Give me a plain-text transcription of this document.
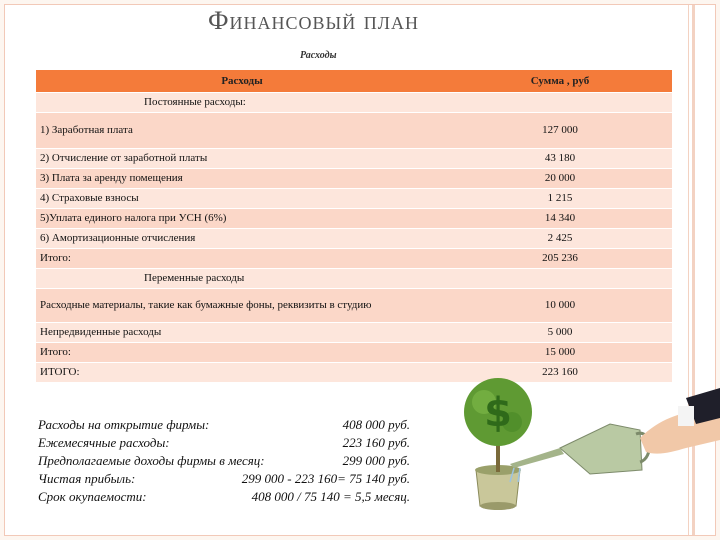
Финансовый план
Расходы
Расходы	Сумма , руб
Постоянные расходы:	
1) Заработная плата	127 000
2) Отчисление от заработной платы	43 180
3) Плата за аренду помещения	20 000
4) Страховые взносы	1 215
5)Уплата единого налога при УСН (6%)	14 340
6) Амортизационные отчисления	2 425
Итого:	205 236
Переменные расходы	
Расходные материалы, такие как бумажные фоны, реквизиты в студию	10 000
Непредвиденные расходы	5 000
Итого:	15 000
ИТОГО:	223 160
Расходы на открытие фирмы:	408 000 руб.
Ежемесячные расходы:	223 160 руб.
Предполагаемые доходы фирмы в месяц:	299 000 руб.
Чистая прибыль:	299 000 - 223 160= 75 140 руб.
Срок окупаемости:	408 000 / 75 140 = 5,5 месяц.
$
